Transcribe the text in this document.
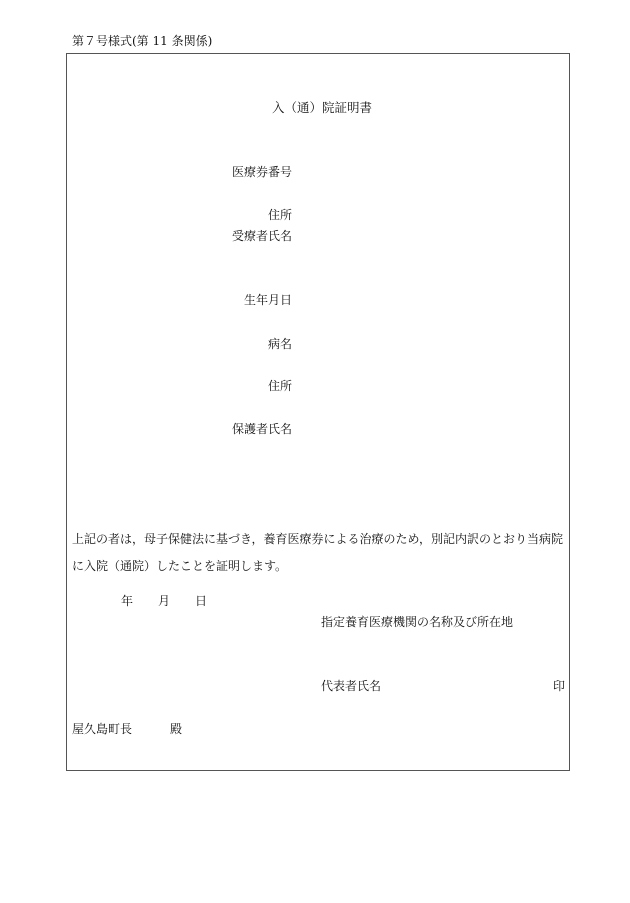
第７号様式(第 11 条関係)
入（通）院証明書
医療券番号
住所
受療者氏名
生年月日
病名
住所
保護者氏名
上記の者は，母子保健法に基づき，養育医療券による治療のため，別記内訳のとおり当病院に入院（通院）したことを証明します。
年 月 日
指定養育医療機関の名称及び所在地
代表者氏名	印
屋久島町長	殿
